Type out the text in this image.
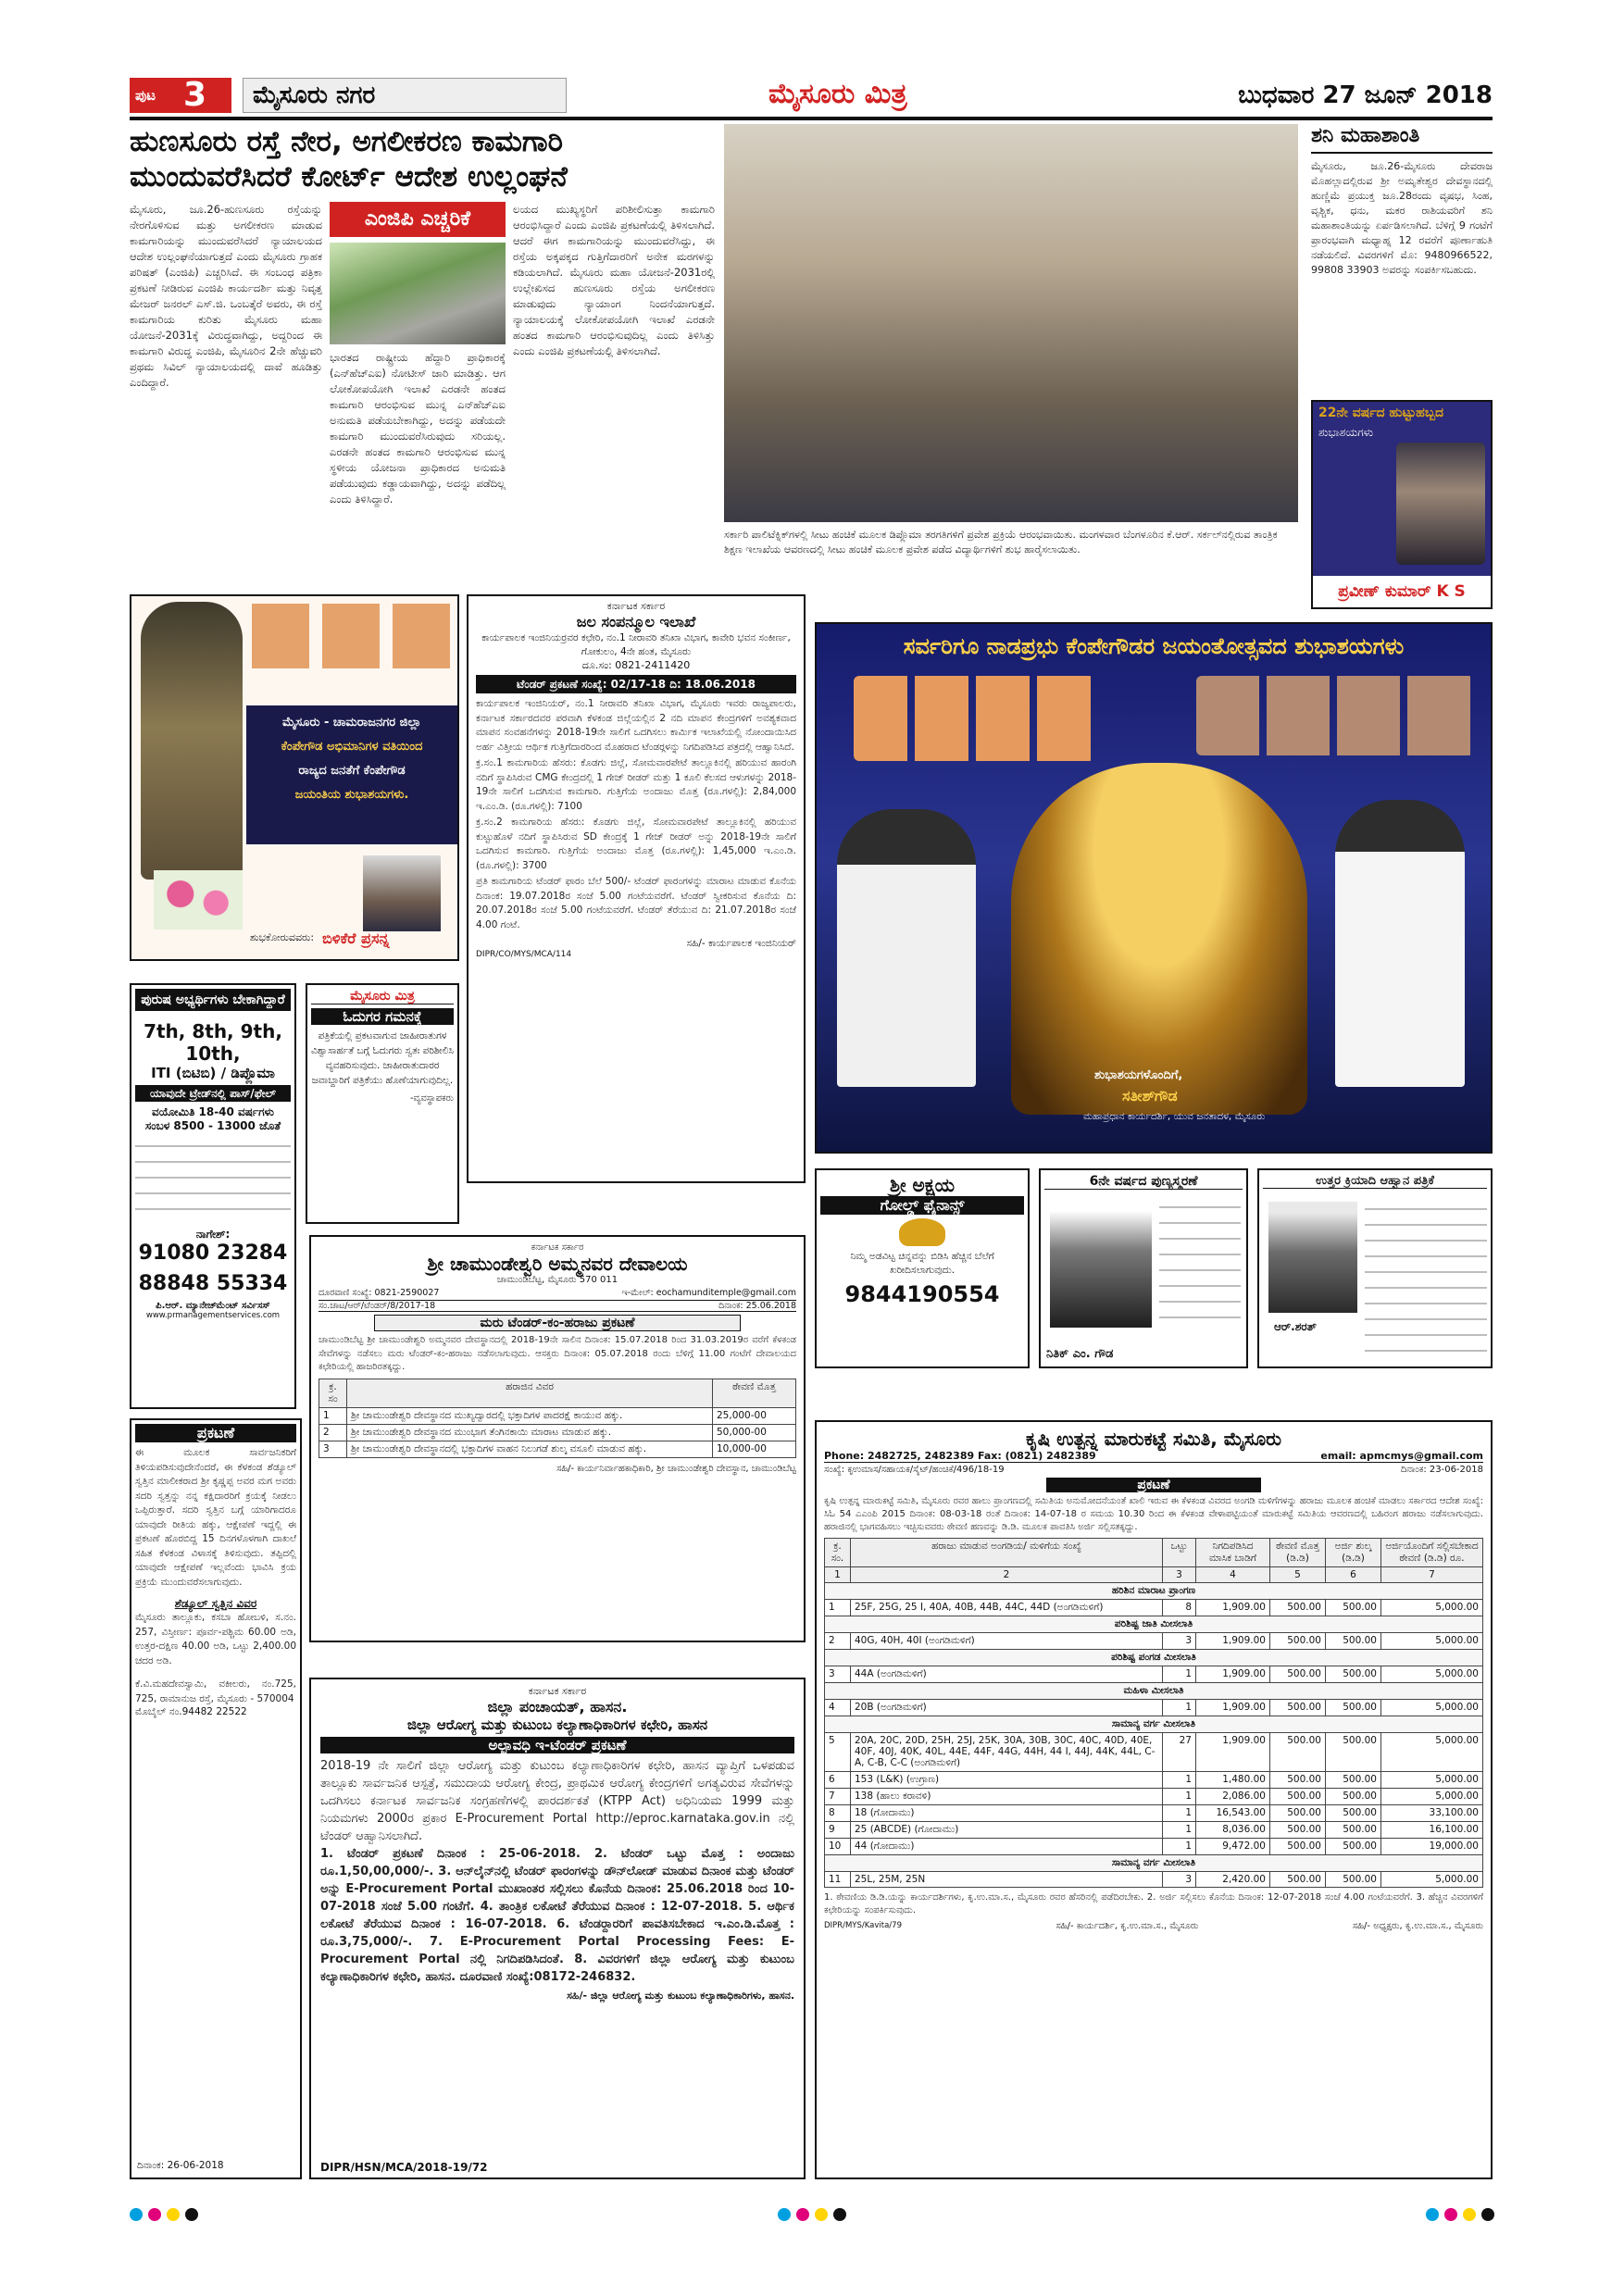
ಪುಟ 3	ಮೈಸೂರು ನಗರ	ಮೈಸೂರು ಮಿತ್ರ	ಬುಧವಾರ 27 ಜೂನ್ 2018
ಹುಣಸೂರು ರಸ್ತೆ ನೇರ, ಅಗಲೀಕರಣ ಕಾಮಗಾರಿ
ಮುಂದುವರೆಸಿದರೆ ಕೋರ್ಟ್ ಆದೇಶ ಉಲ್ಲಂಘನೆ
ಮೈಸೂರು, ಜೂ.26-ಹುಣಸೂರು ರಸ್ತೆಯನ್ನು ನೇರಗೊಳಿಸುವ ಮತ್ತು ಅಗಲೀಕರಣ ಮಾಡುವ ಕಾಮಗಾರಿಯನ್ನು ಮುಂದುವರೆಸಿದರೆ ನ್ಯಾಯಾಲಯದ ಆದೇಶ ಉಲ್ಲಂಘನೆಯಾಗುತ್ತದೆ ಎಂದು ಮೈಸೂರು ಗ್ರಾಹಕ ಪರಿಷತ್ (ಎಂಜಿಪಿ) ಎಚ್ಚರಿಸಿದೆ. ಈ ಸಂಬಂಧ ಪತ್ರಿಕಾ ಪ್ರಕಟಣೆ ನೀಡಿರುವ ಎಂಜಿಪಿ ಕಾರ್ಯದರ್ಶಿ ಮತ್ತು ನಿವೃತ್ತ ಮೇಜರ್ ಜನರಲ್ ಎಸ್.ಜಿ. ಒಂಬತ್ಕೆರೆ ಅವರು, ಈ ರಸ್ತೆ ಕಾಮಗಾರಿಯ ಕುರಿತು ಮೈಸೂರು ಮಹಾ ಯೋಜನೆ-2031ಕ್ಕೆ ವಿರುದ್ಧವಾಗಿದ್ದು, ಅದ್ದರಿಂದ ಈ ಕಾಮಗಾರಿ ವಿರುದ್ಧ ಎಂಜಿಪಿ, ಮೈಸೂರಿನ 2ನೇ ಹೆಚ್ಚುವರಿ ಪ್ರಥಮ ಸಿವಿಲ್ ನ್ಯಾಯಾಲಯದಲ್ಲಿ ದಾವೆ ಹೂಡಿತ್ತು ಎಂದಿದ್ದಾರೆ.
ಎಂಜಿಪಿ ಎಚ್ಚರಿಕೆ
ಭಾರತದ ರಾಷ್ಟ್ರೀಯ ಹೆದ್ದಾರಿ ಪ್ರಾಧಿಕಾರಕ್ಕೆ (ಎನ್‍ಹೆಚ್‍ಎಐ) ನೋಟೀಸ್ ಜಾರಿ ಮಾಡಿತ್ತು. ಆಗ ಲೋಕೋಪಯೋಗಿ ಇಲಾಖೆ ಎರಡನೇ ಹಂತದ ಕಾಮಗಾರಿ ಆರಂಭಿಸುವ ಮುನ್ನ ಎನ್‍ಹೆಚ್‍ಎಐ ಅನುಮತಿ ಪಡೆಯಬೇಕಾಗಿದ್ದು, ಅದನ್ನು ಪಡೆಯದೇ ಕಾಮಗಾರಿ ಮುಂದುವರೆಸಿರುವುದು ಸರಿಯಲ್ಲ. ಎರಡನೇ ಹಂತದ ಕಾಮಗಾರಿ ಆರಂಭಿಸುವ ಮುನ್ನ ಸ್ಥಳೀಯ ಯೋಜನಾ ಪ್ರಾಧಿಕಾರದ ಅನುಮತಿ ಪಡೆಯುವುದು ಕಡ್ಡಾಯವಾಗಿದ್ದು, ಅದನ್ನು ಪಡೆದಿಲ್ಲ ಎಂದು ತಿಳಿಸಿದ್ದಾರೆ.
ಲಯದ ಮುಖ್ಯಸ್ಥರಿಗೆ ಪರಿಶೀಲಿಸುತ್ತಾ ಕಾಮಗಾರಿ ಆರಂಭಿಸಿದ್ದಾರೆ ಎಂದು ಎಂಜಿಪಿ ಪ್ರಕಟಣೆಯಲ್ಲಿ ತಿಳಿಸಲಾಗಿದೆ. ಆದರೆ ಈಗ ಕಾಮಗಾರಿಯನ್ನು ಮುಂದುವರೆಸಿದ್ದು, ಈ ರಸ್ತೆಯ ಅಕ್ಕಪಕ್ಕದ ಗುತ್ತಿಗೆದಾರರಿಗೆ ಅನೇಕ ಮರಗಳನ್ನು ಕಡಿಯಲಾಗಿದೆ. ಮೈಸೂರು ಮಹಾ ಯೋಜನೆ-2031ರಲ್ಲಿ ಉಲ್ಲೇಖಿಸದ ಹುಣಸೂರು ರಸ್ತೆಯ ಅಗಲೀಕರಣ ಮಾಡುವುದು ನ್ಯಾಯಾಂಗ ನಿಂದನೆಯಾಗುತ್ತದೆ. ನ್ಯಾಯಾಲಯಕ್ಕೆ ಲೋಕೋಪಯೋಗಿ ಇಲಾಖೆ ಎರಡನೇ ಹಂತದ ಕಾಮಗಾರಿ ಆರಂಭಿಸುವುದಿಲ್ಲ ಎಂದು ತಿಳಿಸಿತ್ತು ಎಂದು ಎಂಜಿಪಿ ಪ್ರಕಟಣೆಯಲ್ಲಿ ತಿಳಿಸಲಾಗಿದೆ.
ಸರ್ಕಾರಿ ಪಾಲಿಟೆಕ್ನಿಕ್‍ಗಳಲ್ಲಿ ಸೀಟು ಹಂಚಿಕೆ ಮೂಲಕ ಡಿಪ್ಲೊಮಾ ತರಗತಿಗಳಿಗೆ ಪ್ರವೇಶ ಪ್ರಕ್ರಿಯೆ ಆರಂಭವಾಯಿತು. ಮಂಗಳವಾರ ಬೆಂಗಳೂರಿನ ಕೆ.ಆರ್. ಸರ್ಕಲ್‍ನಲ್ಲಿರುವ ತಾಂತ್ರಿಕ ಶಿಕ್ಷಣ ಇಲಾಖೆಯ ಆವರಣದಲ್ಲಿ ಸೀಟು ಹಂಚಿಕೆ ಮೂಲಕ ಪ್ರವೇಶ ಪಡೆದ ವಿದ್ಯಾರ್ಥಿಗಳಿಗೆ ಶುಭ ಹಾರೈಸಲಾಯಿತು.
ಶನಿ ಮಹಾಶಾಂತಿ
ಮೈಸೂರು, ಜೂ.26-ಮೈಸೂರು ದೇವರಾಜ ಮೊಹಲ್ಲಾದಲ್ಲಿರುವ ಶ್ರೀ ಅಮೃತೇಶ್ವರ ದೇವಸ್ಥಾನದಲ್ಲಿ ಹುಣ್ಣಿಮೆ ಪ್ರಯುಕ್ತ ಜೂ.28ರಂದು ವೃಷಭ, ಸಿಂಹ, ವೃಶ್ಚಿಕ, ಧನು, ಮಕರ ರಾಶಿಯವರಿಗೆ ಶನಿ ಮಹಾಶಾಂತಿಯನ್ನು ಏರ್ಪಡಿಸಲಾಗಿದೆ. ಬೆಳಿಗ್ಗೆ 9 ಗಂಟೆಗೆ ಪ್ರಾರಂಭವಾಗಿ ಮಧ್ಯಾಹ್ನ 12 ರವರೆಗೆ ಪೂರ್ಣಾಹುತಿ ನಡೆಯಲಿದೆ. ವಿವರಗಳಿಗೆ ಮೊ: 9480966522, 99808 33903 ಅವರನ್ನು ಸಂಪರ್ಕಿಸಬಹುದು.
22ನೇ ವರ್ಷದ ಹುಟ್ಟುಹಬ್ಬದ
ಶುಭಾಶಯಗಳು
ಪ್ರವೀಣ್ ಕುಮಾರ್ K S
ಮೈಸೂರು - ಚಾಮರಾಜನಗರ ಜಿಲ್ಲಾ
ಕೆಂಪೇಗೌಡ ಅಭಿಮಾನಿಗಳ ವತಿಯಿಂದ
ರಾಜ್ಯದ ಜನತೆಗೆ ಕೆಂಪೇಗೌಡ
ಜಯಂತಿಯ ಶುಭಾಶಯಗಳು.
ಶುಭಕೋರುವವರು: ಬಿಳಿಕೆರೆ ಪ್ರಸನ್ನ
ಕರ್ನಾಟಕ ಸರ್ಕಾರ
ಜಲ ಸಂಪನ್ಮೂಲ ಇಲಾಖೆ
ಕಾರ್ಯಪಾಲಕ ಇಂಜಿನಿಯರ್‍ರವರ ಕಛೇರಿ, ನಂ.1 ನೀರಾವರಿ ತನಿಖಾ ವಿಭಾಗ, ಕಾವೇರಿ ಭವನ ಸಂಕೀರ್ಣ, ಗೋಕುಲಂ, 4ನೇ ಹಂತ, ಮೈಸೂರು
ದೂ.ಸಂ: 0821-2411420
ಟೆಂಡರ್ ಪ್ರಕಟಣೆ ಸಂಖ್ಯೆ: 02/17-18 ದಿ: 18.06.2018
ಕಾರ್ಯಪಾಲಕ ಇಂಜಿನಿಯರ್, ನಂ.1 ನೀರಾವರಿ ತನಿಖಾ ವಿಭಾಗ, ಮೈಸೂರು ಇವರು ರಾಜ್ಯಪಾಲರು, ಕರ್ನಾಟಕ ಸರ್ಕಾರದವರ ಪರವಾಗಿ ಕೆಳಕಂಡ ಜಿಲ್ಲೆಯಲ್ಲಿನ 2 ನದಿ ಮಾಪನ ಕೇಂದ್ರಗಳಿಗೆ ಅವಶ್ಯಕವಾದ ಮಾಪನ ಸಂವಹನೆಗಳನ್ನು 2018-19ನೇ ಸಾಲಿಗೆ ಒದಗಿಸಲು ಕಾರ್ಮಿಕ ಇಲಾಖೆಯಲ್ಲಿ ನೋಂದಾಯಿಸಿದ ಅರ್ಹ ವಿತ್ತೀಯ ಆರ್ಥಿಕ ಗುತ್ತಿಗೆದಾರರಿಂದ ಮೊಹರಾದ ಟೆಂಡರ್‍ಗಳನ್ನು ನಿಗದಿಪಡಿಸಿದ ಪತ್ರದಲ್ಲಿ ಆಹ್ವಾನಿಸಿದೆ.
ಕ್ರ.ಸಂ.1 ಕಾಮಗಾರಿಯ ಹೆಸರು: ಕೊಡಗು ಜಿಲ್ಲೆ, ಸೋಮವಾರಪೇಟೆ ತಾಲ್ಲೂಕಿನಲ್ಲಿ ಹರಿಯುವ ಹಾರಂಗಿ ನದಿಗೆ ಸ್ಥಾಪಿಸಿರುವ CMG ಕೇಂದ್ರದಲ್ಲಿ 1 ಗೇಜ್ ರೀಡರ್ ಮತ್ತು 1 ಕೂಲಿ ಕೆಲಸದ ಆಳುಗಳನ್ನು 2018-19ನೇ ಸಾಲಿಗೆ ಒದಗಿಸುವ ಕಾಮಗಾರಿ. ಗುತ್ತಿಗೆಯ ಅಂದಾಜು ಮೊತ್ತ (ರೂ.ಗಳಲ್ಲಿ): 2,84,000 ಇ.ಎಂ.ಡಿ. (ರೂ.ಗಳಲ್ಲಿ): 7100
ಕ್ರ.ಸಂ.2 ಕಾಮಗಾರಿಯ ಹೆಸರು: ಕೊಡಗು ಜಿಲ್ಲೆ, ಸೋಮವಾರಪೇಟೆ ತಾಲ್ಲೂಕಿನಲ್ಲಿ ಹರಿಯುವ ಕುಟ್ಟುಹೊಳೆ ನದಿಗೆ ಸ್ಥಾಪಿಸಿರುವ SD ಕೇಂದ್ರಕ್ಕೆ 1 ಗೇಜ್ ರೀಡರ್ ಅನ್ನು 2018-19ನೇ ಸಾಲಿಗೆ ಒದಗಿಸುವ ಕಾಮಗಾರಿ. ಗುತ್ತಿಗೆಯ ಅಂದಾಜು ಮೊತ್ತ (ರೂ.ಗಳಲ್ಲಿ): 1,45,000 ಇ.ಎಂ.ಡಿ. (ರೂ.ಗಳಲ್ಲಿ): 3700
ಪ್ರತಿ ಕಾಮಗಾರಿಯ ಟೆಂಡರ್ ಫಾರಂ ಬೆಲೆ 500/- ಟೆಂಡರ್ ಫಾರಂಗಳನ್ನು ಮಾರಾಟ ಮಾಡುವ ಕೊನೆಯ ದಿನಾಂಕ: 19.07.2018ರ ಸಂಜೆ 5.00 ಗಂಟೆಯವರೆಗೆ. ಟೆಂಡರ್ ಸ್ವೀಕರಿಸುವ ಕೊನೆಯ ದಿ: 20.07.2018ರ ಸಂಜೆ 5.00 ಗಂಟೆಯವರೆಗೆ. ಟೆಂಡರ್ ತೆರೆಯುವ ದಿ: 21.07.2018ರ ಸಂಜೆ 4.00 ಗಂಟೆ.
ಸಹಿ/- ಕಾರ್ಯಪಾಲಕ ಇಂಜಿನಿಯರ್
DIPR/CO/MYS/MCA/114
ಸರ್ವರಿಗೂ ನಾಡಪ್ರಭು ಕೆಂಪೇಗೌಡರ ಜಯಂತೋತ್ಸವದ ಶುಭಾಶಯಗಳು
ಶುಭಾಶಯಗಳೊಂದಿಗೆ,
ಸತೀಶ್‍ಗೌಡ
ಮಹಾಪ್ರಧಾನ ಕಾರ್ಯದರ್ಶಿ, ಯುವ ಜನತಾದಳ, ಮೈಸೂರು
ಪುರುಷ ಅಭ್ಯರ್ಥಿಗಳು ಬೇಕಾಗಿದ್ದಾರೆ
7th, 8th, 9th, 10th,
ITI (ಬಿಟಿಬಿ) / ಡಿಪ್ಲೊಮಾ
ಯಾವುದೇ ಟ್ರೇಡ್‍ನಲ್ಲಿ ಪಾಸ್/ಫೇಲ್
ವಯೋಮಿತಿ 18-40 ವರ್ಷಗಳು
ಸಂಬಳ 8500 - 13000 ಜೊತೆ
ನಾಗೇಶ್:
91080 23284
88848 55334
ಪಿ.ಆರ್. ಮ್ಯಾನೇಜ್‍ಮೆಂಟ್ ಸರ್ವಿಸಸ್
www.prmanagementservices.com
ಮೈಸೂರು ಮಿತ್ರ
ಓದುಗರ ಗಮನಕ್ಕೆ
ಪತ್ರಿಕೆಯಲ್ಲಿ ಪ್ರಕಟವಾಗುವ ಜಾಹೀರಾತುಗಳ ವಿಶ್ವಾಸಾರ್ಹತೆ ಬಗ್ಗೆ ಓದುಗರು ಸ್ವತಃ ಪರಿಶೀಲಿಸಿ ವ್ಯವಹರಿಸುವುದು. ಜಾಹೀರಾತುದಾರರ ಜವಾಬ್ದಾರಿಗೆ ಪತ್ರಿಕೆಯು ಹೊಣೆಯಾಗುವುದಿಲ್ಲ.
-ವ್ಯವಸ್ಥಾಪಕರು
ಶ್ರೀ ಅಕ್ಷಯ
ಗೋಲ್ಡ್ ಫೈನಾನ್ಸ್
ನಿಮ್ಮ ಅಡವಿಟ್ಟ ಚಿನ್ನವನ್ನು ಬಿಡಿಸಿ ಹೆಚ್ಚಿನ ಬೆಲೆಗೆ ಖರೀದಿಸಲಾಗುವುದು.
9844190554
6ನೇ ವರ್ಷದ ಪುಣ್ಯಸ್ಮರಣೆ
ನಿತಿಕ್ ಎಂ. ಗೌಡ
ಉತ್ತರ ಕ್ರಿಯಾದಿ ಆಹ್ವಾನ ಪತ್ರಿಕೆ
ಆರ್.ಶರತ್
ಕರ್ನಾಟಕ ಸರ್ಕಾರ
ಶ್ರೀ ಚಾಮುಂಡೇಶ್ವರಿ ಅಮ್ಮನವರ ದೇವಾಲಯ
ಚಾಮುಂಡಿಬೆಟ್ಟ, ಮೈಸೂರು 570 011
ದೂರವಾಣಿ ಸಂಖ್ಯೆ: 0821-2590027	ಇ-ಮೇಲ್: eochamunditemple@gmail.com
ಸಂ.ಚಾಟ/ಆರ್/ಟೆಂಡರ್/8/2017-18	ದಿನಾಂಕ: 25.06.2018
ಮರು ಟೆಂಡರ್-ಕಂ-ಹರಾಜು ಪ್ರಕಟಣೆ
ಚಾಮುಂಡಿಬೆಟ್ಟ ಶ್ರೀ ಚಾಮುಂಡೇಶ್ವರಿ ಅಮ್ಮನವರ ದೇವಸ್ಥಾನದಲ್ಲಿ 2018-19ನೇ ಸಾಲಿನ ದಿನಾಂಕ: 15.07.2018 ರಿಂದ 31.03.2019ರ ವರೆಗೆ ಕೆಳಕಂಡ ಸೇವೆಗಳನ್ನು ನಡೆಸಲು ಮರು ಟೆಂಡರ್-ಕಂ-ಹರಾಜು ನಡೆಸಲಾಗುವುದು. ಆಸಕ್ತರು ದಿನಾಂಕ: 05.07.2018 ರಂದು ಬೆಳಿಗ್ಗೆ 11.00 ಗಂಟೆಗೆ ದೇವಾಲಯದ ಕಛೇರಿಯಲ್ಲಿ ಹಾಜರಿರತಕ್ಕದ್ದು.
ಕ್ರ. ಸಂ	ಹರಾಜಿನ ವಿವರ	ಠೇವಣಿ ಮೊತ್ತ
1	ಶ್ರೀ ಚಾಮುಂಡೇಶ್ವರಿ ದೇವಸ್ಥಾನದ ಮುಖ್ಯದ್ವಾರದಲ್ಲಿ ಭಕ್ತಾದಿಗಳ ಪಾದರಕ್ಷೆ ಕಾಯುವ ಹಕ್ಕು.	25,000-00
2	ಶ್ರೀ ಚಾಮುಂಡೇಶ್ವರಿ ದೇವಸ್ಥಾನದ ಮುಂಭಾಗ ತೆಂಗಿನಕಾಯಿ ಮಾರಾಟ ಮಾಡುವ ಹಕ್ಕು.	50,000-00
3	ಶ್ರೀ ಚಾಮುಂಡೇಶ್ವರಿ ದೇವಸ್ಥಾನದಲ್ಲಿ ಭಕ್ತಾದಿಗಳ ವಾಹನ ನಿಲುಗಡೆ ಶುಲ್ಕ ವಸೂಲಿ ಮಾಡುವ ಹಕ್ಕು.	10,000-00
ಸಹಿ/- ಕಾರ್ಯನಿರ್ವಾಹಕಾಧಿಕಾರಿ, ಶ್ರೀ ಚಾಮುಂಡೇಶ್ವರಿ ದೇವಸ್ಥಾನ, ಚಾಮುಂಡಿಬೆಟ್ಟ
ಪ್ರಕಟಣೆ
ಈ ಮೂಲಕ ಸಾರ್ವಜನಿಕರಿಗೆ ತಿಳಿಯಪಡಿಸುವುದೇನೆಂದರೆ, ಈ ಕೆಳಕಂಡ ಶೆಡ್ಯೂಲ್ ಸ್ವತ್ತಿನ ಮಾಲೀಕರಾದ ಶ್ರೀ ಕೃಷ್ಣಪ್ಪ ಅವರ ಮಗ ಅವರು ಸದರಿ ಸ್ವತ್ತನ್ನು ನನ್ನ ಕಕ್ಷಿದಾರರಿಗೆ ಕ್ರಯಕ್ಕೆ ನೀಡಲು ಒಪ್ಪಿರುತ್ತಾರೆ. ಸದರಿ ಸ್ವತ್ತಿನ ಬಗ್ಗೆ ಯಾರಿಗಾದರೂ ಯಾವುದೇ ರೀತಿಯ ಹಕ್ಕು, ಆಕ್ಷೇಪಣೆ ಇದ್ದಲ್ಲಿ ಈ ಪ್ರಕಟಣೆ ಹೊರಬಿದ್ದ 15 ದಿನಗಳೊಳಗಾಗಿ ದಾಖಲೆ ಸಹಿತ ಕೆಳಕಂಡ ವಿಳಾಸಕ್ಕೆ ತಿಳಿಸುವುದು. ತಪ್ಪಿದಲ್ಲಿ ಯಾವುದೇ ಆಕ್ಷೇಪಣೆ ಇಲ್ಲವೆಂದು ಭಾವಿಸಿ ಕ್ರಯ ಪ್ರಕ್ರಿಯೆ ಮುಂದುವರೆಸಲಾಗುವುದು.
ಶೆಡ್ಯೂಲ್ ಸ್ವತ್ತಿನ ವಿವರ
ಮೈಸೂರು ತಾಲ್ಲೂಕು, ಕಸಬಾ ಹೋಬಳಿ, ಸ.ನಂ. 257, ವಿಸ್ತೀರ್ಣ: ಪೂರ್ವ-ಪಶ್ಚಿಮ 60.00 ಅಡಿ, ಉತ್ತರ-ದಕ್ಷಿಣ 40.00 ಅಡಿ, ಒಟ್ಟು 2,400.00 ಚದರ ಅಡಿ.
ಕೆ.ವಿ.ಮಹದೇವಸ್ವಾಮಿ, ವಕೀಲರು, ನಂ.725, 725, ರಾಮಾನುಜ ರಸ್ತೆ, ಮೈಸೂರು - 570004
ಮೊಬೈಲ್ ನಂ.94482 22522
ದಿನಾಂಕ: 26-06-2018
ಕರ್ನಾಟಕ ಸರ್ಕಾರ
ಜಿಲ್ಲಾ ಪಂಚಾಯತ್, ಹಾಸನ.
ಜಿಲ್ಲಾ ಆರೋಗ್ಯ ಮತ್ತು ಕುಟುಂಬ ಕಲ್ಯಾಣಾಧಿಕಾರಿಗಳ ಕಛೇರಿ, ಹಾಸನ
ಅಲ್ಪಾವಧಿ ಇ-ಟೆಂಡರ್ ಪ್ರಕಟಣೆ
2018-19 ನೇ ಸಾಲಿಗೆ ಜಿಲ್ಲಾ ಆರೋಗ್ಯ ಮತ್ತು ಕುಟುಂಬ ಕಲ್ಯಾಣಾಧಿಕಾರಿಗಳ ಕಛೇರಿ, ಹಾಸನ ವ್ಯಾಪ್ತಿಗೆ ಒಳಪಡುವ ತಾಲ್ಲೂಕು ಸಾರ್ವಜನಿಕ ಆಸ್ಪತ್ರೆ, ಸಮುದಾಯ ಆರೋಗ್ಯ ಕೇಂದ್ರ, ಪ್ರಾಥಮಿಕ ಆರೋಗ್ಯ ಕೇಂದ್ರಗಳಿಗೆ ಅಗತ್ಯವಿರುವ ಸೇವೆಗಳನ್ನು ಒದಗಿಸಲು ಕರ್ನಾಟಕ ಸಾರ್ವಜನಿಕ ಸಂಗ್ರಹಣೆಗಳಲ್ಲಿ ಪಾರದರ್ಶಕತೆ (KTPP Act) ಅಧಿನಿಯಮ 1999 ಮತ್ತು ನಿಯಮಗಳು 2000ರ ಪ್ರಕಾರ E-Procurement Portal http://eproc.karnataka.gov.in ನಲ್ಲಿ ಟೆಂಡರ್ ಆಹ್ವಾನಿಸಲಾಗಿದೆ.
1. ಟೆಂಡರ್ ಪ್ರಕಟಣೆ ದಿನಾಂಕ : 25-06-2018. 2. ಟೆಂಡರ್ ಒಟ್ಟು ಮೊತ್ತ : ಅಂದಾಜು ರೂ.1,50,00,000/-. 3. ಆನ್‍ಲೈನ್‍ನಲ್ಲಿ ಟೆಂಡರ್ ಫಾರಂಗಳನ್ನು ಡೌನ್‍ಲೋಡ್ ಮಾಡುವ ದಿನಾಂಕ ಮತ್ತು ಟೆಂಡರ್ ಅನ್ನು E-Procurement Portal ಮುಖಾಂತರ ಸಲ್ಲಿಸಲು ಕೊನೆಯ ದಿನಾಂಕ: 25.06.2018 ರಿಂದ 10-07-2018 ಸಂಜೆ 5.00 ಗಂಟೆಗೆ. 4. ತಾಂತ್ರಿಕ ಲಕೋಟೆ ತೆರೆಯುವ ದಿನಾಂಕ : 12-07-2018. 5. ಆರ್ಥಿಕ ಲಕೋಟೆ ತೆರೆಯುವ ದಿನಾಂಕ : 16-07-2018. 6. ಟೆಂಡರ್‍ದಾರರಿಗೆ ಪಾವತಿಸಬೇಕಾದ ಇ.ಎಂ.ಡಿ.ಮೊತ್ತ : ರೂ.3,75,000/-. 7. E-Procurement Portal Processing Fees: E-Procurement Portal ನಲ್ಲಿ ನಿಗದಿಪಡಿಸಿದಂತೆ. 8. ವಿವರಗಳಿಗೆ ಜಿಲ್ಲಾ ಆರೋಗ್ಯ ಮತ್ತು ಕುಟುಂಬ ಕಲ್ಯಾಣಾಧಿಕಾರಿಗಳ ಕಛೇರಿ, ಹಾಸನ. ದೂರವಾಣಿ ಸಂಖ್ಯೆ:08172-246832.
ಸಹಿ/- ಜಿಲ್ಲಾ ಆರೋಗ್ಯ ಮತ್ತು ಕುಟುಂಬ ಕಲ್ಯಾಣಾಧಿಕಾರಿಗಳು, ಹಾಸನ.
DIPR/HSN/MCA/2018-19/72
ಕೃಷಿ ಉತ್ಪನ್ನ ಮಾರುಕಟ್ಟೆ ಸಮಿತಿ, ಮೈಸೂರು
Phone: 2482725, 2482389 Fax: (0821) 2482389	email: apmcmys@gmail.com
ಸಂಖ್ಯೆ: ಕೃಉಮಾಸ/ಸಹಾಯಕ/ಸೈಟ್/ಹಂಚಿಕೆ/496/18-19	ದಿನಾಂಕ: 23-06-2018
ಪ್ರಕಟಣೆ
ಕೃಷಿ ಉತ್ಪನ್ನ ಮಾರುಕಟ್ಟೆ ಸಮಿತಿ, ಮೈಸೂರು ರವರ ಹಾಲು ಪ್ರಾಂಗಣದಲ್ಲಿ ಸಮಿತಿಯ ಅನುಮೋದನೆಯಂತೆ ಖಾಲಿ ಇರುವ ಈ ಕೆಳಕಂಡ ವಿವರದ ಅಂಗಡಿ ಮಳಿಗೆಗಳನ್ನು ಹರಾಜು ಮೂಲಕ ಹಂಚಿಕೆ ಮಾಡಲು ಸರ್ಕಾರದ ಆದೇಶ ಸಂಖ್ಯೆ: ಸಿಓ 54 ಎಎಂಪಿ 2015 ದಿನಾಂಕ: 08-03-18 ರಂತೆ ದಿನಾಂಕ: 14-07-18 ರ ಸಮಯ 10.30 ರಿಂದ ಈ ಕೆಳಕಂಡ ವೇಳಾಪಟ್ಟಿಯಂತೆ ಮಾರುಕಟ್ಟೆ ಸಮಿತಿಯ ಆವರಣದಲ್ಲಿ ಬಹಿರಂಗ ಹರಾಜು ನಡೆಸಲಾಗುವುದು. ಹರಾಜಿನಲ್ಲಿ ಭಾಗವಹಿಸಲು ಇಚ್ಛಿಸುವವರು ಠೇವಣಿ ಹಣವನ್ನು ಡಿ.ಡಿ. ಮೂಲಕ ಪಾವತಿಸಿ ಅರ್ಜಿ ಸಲ್ಲಿಸತಕ್ಕದ್ದು.
ಕ್ರ. ಸಂ.	ಹರಾಜು ಮಾಡುವ ಅಂಗಡಿಯ/ ಮಳಿಗೆಯ ಸಂಖ್ಯೆ	ಒಟ್ಟು	ನಿಗದಿಪಡಿಸಿದ ಮಾಸಿಕ ಬಾಡಿಗೆ	ಠೇವಣಿ ಮೊತ್ತ (ಡಿ.ಡಿ)	ಅರ್ಜಿ ಶುಲ್ಕ (ಡಿ.ಡಿ)	ಅರ್ಜಿಯೊಂದಿಗೆ ಸಲ್ಲಿಸಬೇಕಾದ ಠೇವಣಿ (ಡಿ.ಡಿ) ರೂ.
1	2	3	4	5	6	7
ಹರಿಶಿನ ಮಾರಾಟ ಪ್ರಾಂಗಣ						
1	25F, 25G, 25 I, 40A, 40B, 44B, 44C, 44D (ಅಂಗಡಿಮಳಿಗೆ)	8	1,909.00	500.00	500.00	5,000.00
ಪರಿಶಿಷ್ಟ ಜಾತಿ ಮೀಸಲಾತಿ						
2	40G, 40H, 40I (ಅಂಗಡಿಮಳಿಗೆ)	3	1,909.00	500.00	500.00	5,000.00
ಪರಿಶಿಷ್ಟ ಪಂಗಡ ಮೀಸಲಾತಿ						
3	44A (ಅಂಗಡಿಮಳಿಗೆ)	1	1,909.00	500.00	500.00	5,000.00
ಮಹಿಳಾ ಮೀಸಲಾತಿ						
4	20B (ಅಂಗಡಿಮಳಿಗೆ)	1	1,909.00	500.00	500.00	5,000.00
ಸಾಮಾನ್ಯ ವರ್ಗ ಮೀಸಲಾತಿ						
5	20A, 20C, 20D, 25H, 25J, 25K, 30A, 30B, 30C, 40C, 40D, 40E, 40F, 40J, 40K, 40L, 44E, 44F, 44G, 44H, 44 I, 44J, 44K, 44L, C-A, C-B, C-C (ಅಂಗಡಿಮಳಿಗೆ)	27	1,909.00	500.00	500.00	5,000.00
6	153 (L&K) (ಉಗ್ರಾಣ)	1	1,480.00	500.00	500.00	5,000.00
7	138 (ಹಾಲು ಕರಾವಳಿ)	1	2,086.00	500.00	500.00	5,000.00
8	18 (ಗೋದಾಮು)	1	16,543.00	500.00	500.00	33,100.00
9	25 (ABCDE) (ಗೋದಾಮು)	1	8,036.00	500.00	500.00	16,100.00
10	44 (ಗೋದಾಮು)	1	9,472.00	500.00	500.00	19,000.00
ಸಾಮಾನ್ಯ ವರ್ಗ ಮೀಸಲಾತಿ						
11	25L, 25M, 25N	3	2,420.00	500.00	500.00	5,000.00
1. ಠೇವಣಿಯ ಡಿ.ಡಿ.ಯನ್ನು ಕಾರ್ಯದರ್ಶಿಗಳು, ಕೃ.ಉ.ಮಾ.ಸ., ಮೈಸೂರು ರವರ ಹೆಸರಿನಲ್ಲಿ ಪಡೆದಿರಬೇಕು. 2. ಅರ್ಜಿ ಸಲ್ಲಿಸಲು ಕೊನೆಯ ದಿನಾಂಕ: 12-07-2018 ಸಂಜೆ 4.00 ಗಂಟೆಯವರೆಗೆ. 3. ಹೆಚ್ಚಿನ ವಿವರಗಳಿಗೆ ಕಛೇರಿಯನ್ನು ಸಂಪರ್ಕಿಸುವುದು.
DIPR/MYS/Kavita/79	ಸಹಿ/- ಕಾರ್ಯದರ್ಶಿ, ಕೃ.ಉ.ಮಾ.ಸ., ಮೈಸೂರು	ಸಹಿ/- ಅಧ್ಯಕ್ಷರು, ಕೃ.ಉ.ಮಾ.ಸ., ಮೈಸೂರು
